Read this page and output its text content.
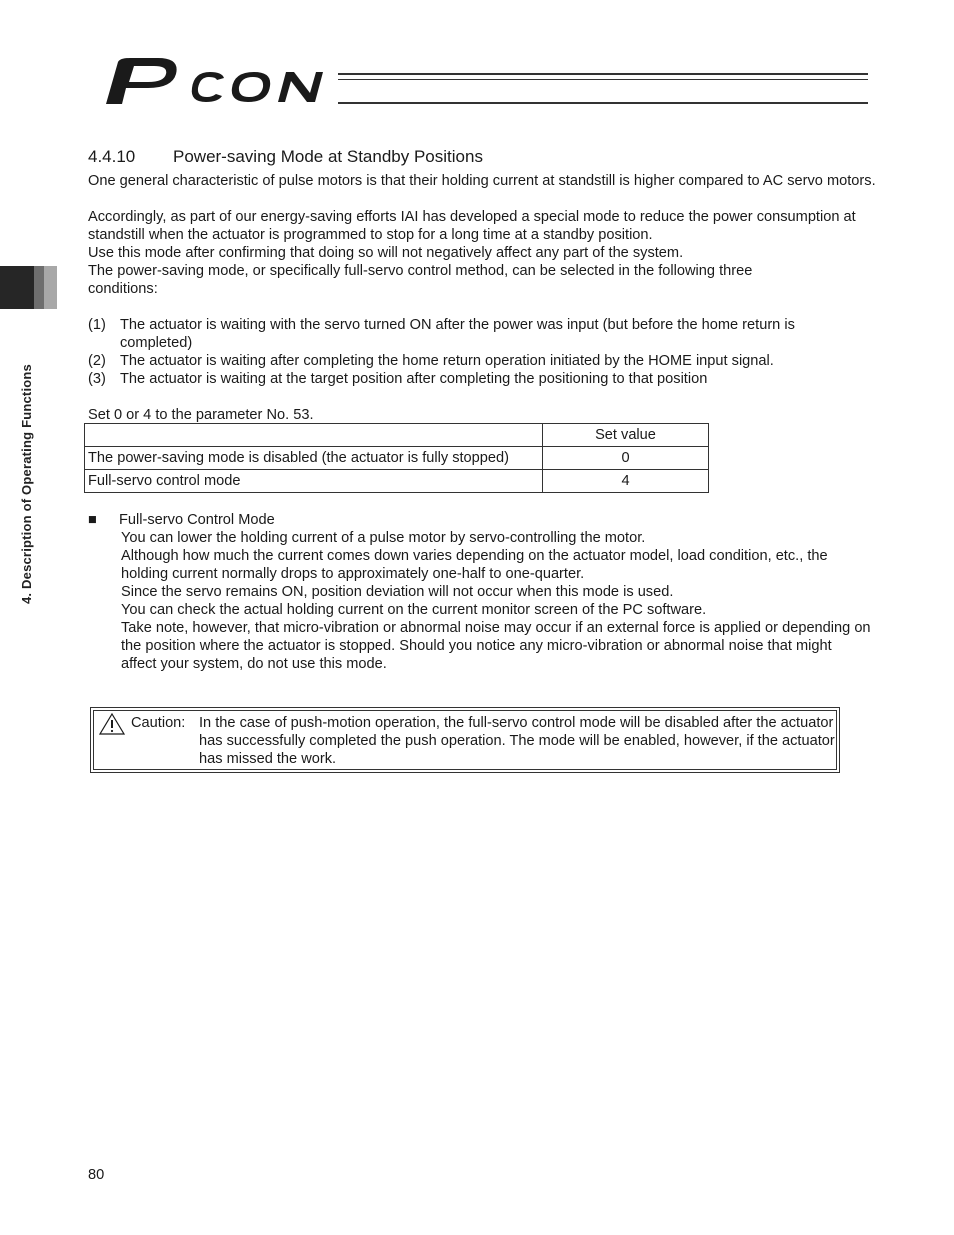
4. Description of Operating Functions
4.4.10 Power-saving Mode at Standby Positions

One general characteristic of pulse motors is that their holding current at standstill is higher compared to AC servo motors.

Accordingly, as part of our energy-saving efforts IAI has developed a special mode to reduce the power consumption at standstill when the actuator is programmed to stop for a long time at a standby position.

Use this mode after confirming that doing so will not negatively affect any part of the system.

The power-saving mode, or specifically full-servo control method, can be selected in the following three conditions:

(1) The actuator is waiting with the servo turned ON after the power was input (but before the home return is completed)
(2) The actuator is waiting after completing the home return operation initiated by the HOME input signal.
(3) The actuator is waiting at the target position after completing the positioning to that position

Set 0 or 4 to the parameter No. 53.

	Set value
The power-saving mode is disabled (the actuator is fully stopped)	0
Full-servo control mode	4
■ Full-servo Control Mode
You can lower the holding current of a pulse motor by servo-controlling the motor.
Although how much the current comes down varies depending on the actuator model, load condition, etc., the holding current normally drops to approximately one-half to one-quarter.
Since the servo remains ON, position deviation will not occur when this mode is used.
You can check the actual holding current on the current monitor screen of the PC software.
Take note, however, that micro-vibration or abnormal noise may occur if an external force is applied or depending on the position where the actuator is stopped. Should you notice any micro-vibration or abnormal noise that might affect your system, do not use this mode.
Caution: In the case of push-motion operation, the full-servo control mode will be disabled after the actuator has successfully completed the push operation. The mode will be enabled, however, if the actuator has missed the work.

80
